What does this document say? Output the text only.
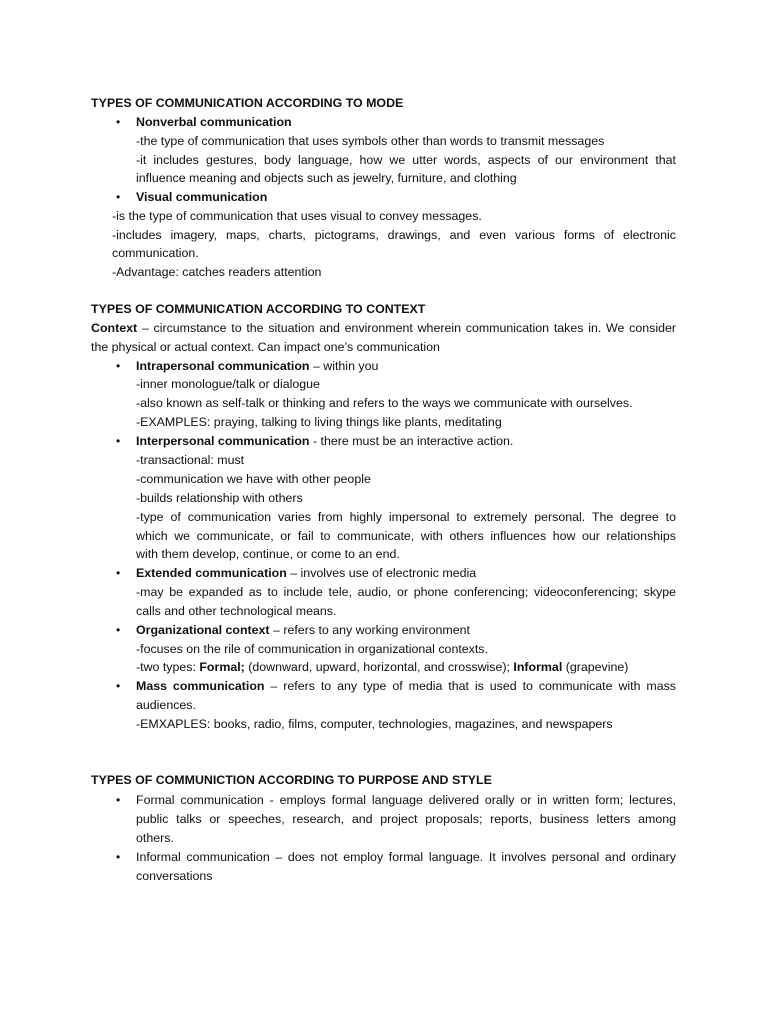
TYPES OF COMMUNICATION ACCORDING TO MODE
• Nonverbal communication
-the type of communication that uses symbols other than words to transmit messages
-it includes gestures, body language, how we utter words, aspects of our environment that
influence meaning and objects such as jewelry, furniture, and clothing
• Visual communication
-is the type of communication that uses visual to convey messages.
-includes imagery, maps, charts, pictograms, drawings, and even various forms of electronic
communication.
-Advantage: catches readers attention
TYPES OF COMMUNICATION ACCORDING TO CONTEXT
Context – circumstance to the situation and environment wherein communication takes in. We consider
the physical or actual context. Can impact one’s communication
• Intrapersonal communication – within you
-inner monologue/talk or dialogue
-also known as self-talk or thinking and refers to the ways we communicate with ourselves.
-EXAMPLES: praying, talking to living things like plants, meditating
• Interpersonal communication - there must be an interactive action.
-transactional: must
-communication we have with other people
-builds relationship with others
-type of communication varies from highly impersonal to extremely personal. The degree to
which we communicate, or fail to communicate, with others influences how our relationships
with them develop, continue, or come to an end.
• Extended communication – involves use of electronic media
-may be expanded as to include tele, audio, or phone conferencing; videoconferencing; skype
calls and other technological means.
• Organizational context – refers to any working environment
-focuses on the rile of communication in organizational contexts.
-two types: Formal; (downward, upward, horizontal, and crosswise); Informal (grapevine)
• Mass communication – refers to any type of media that is used to communicate with mass
audiences.
-EMXAPLES: books, radio, films, computer, technologies, magazines, and newspapers
TYPES OF COMMUNICTION ACCORDING TO PURPOSE AND STYLE
• Formal communication - employs formal language delivered orally or in written form; lectures,
public talks or speeches, research, and project proposals; reports, business letters among
others.
• Informal communication – does not employ formal language. It involves personal and ordinary
conversations
